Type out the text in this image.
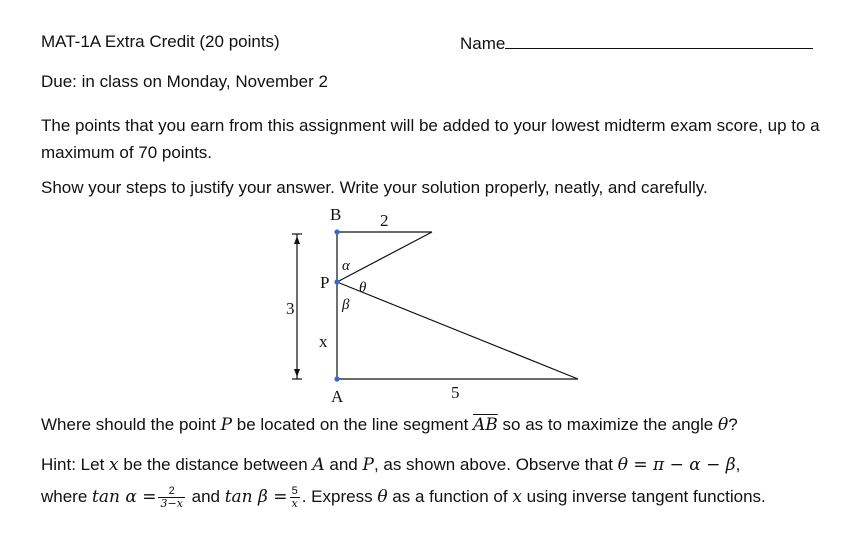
MAT-1A Extra Credit (20 points)	Name
Due: in class on Monday, November 2
The points that you earn from this assignment will be added to your lowest midterm exam score, up to a maximum of 70 points.
Show your steps to justify your answer. Write your solution properly, neatly, and carefully.
B 2
P
α
θ
β
3
x
A	5
Where should the point P be located on the line segment $\overline{AB}$ so as to maximize the angle θ?
Hint: Let x be the distance between A and P, as shown above. Observe that θ = π − α − β,
where $\tan \alpha = \frac{2}{3-x}$ and $\tan \beta = \frac{5}{x}$ . Express θ as a function of x using inverse tangent functions.
